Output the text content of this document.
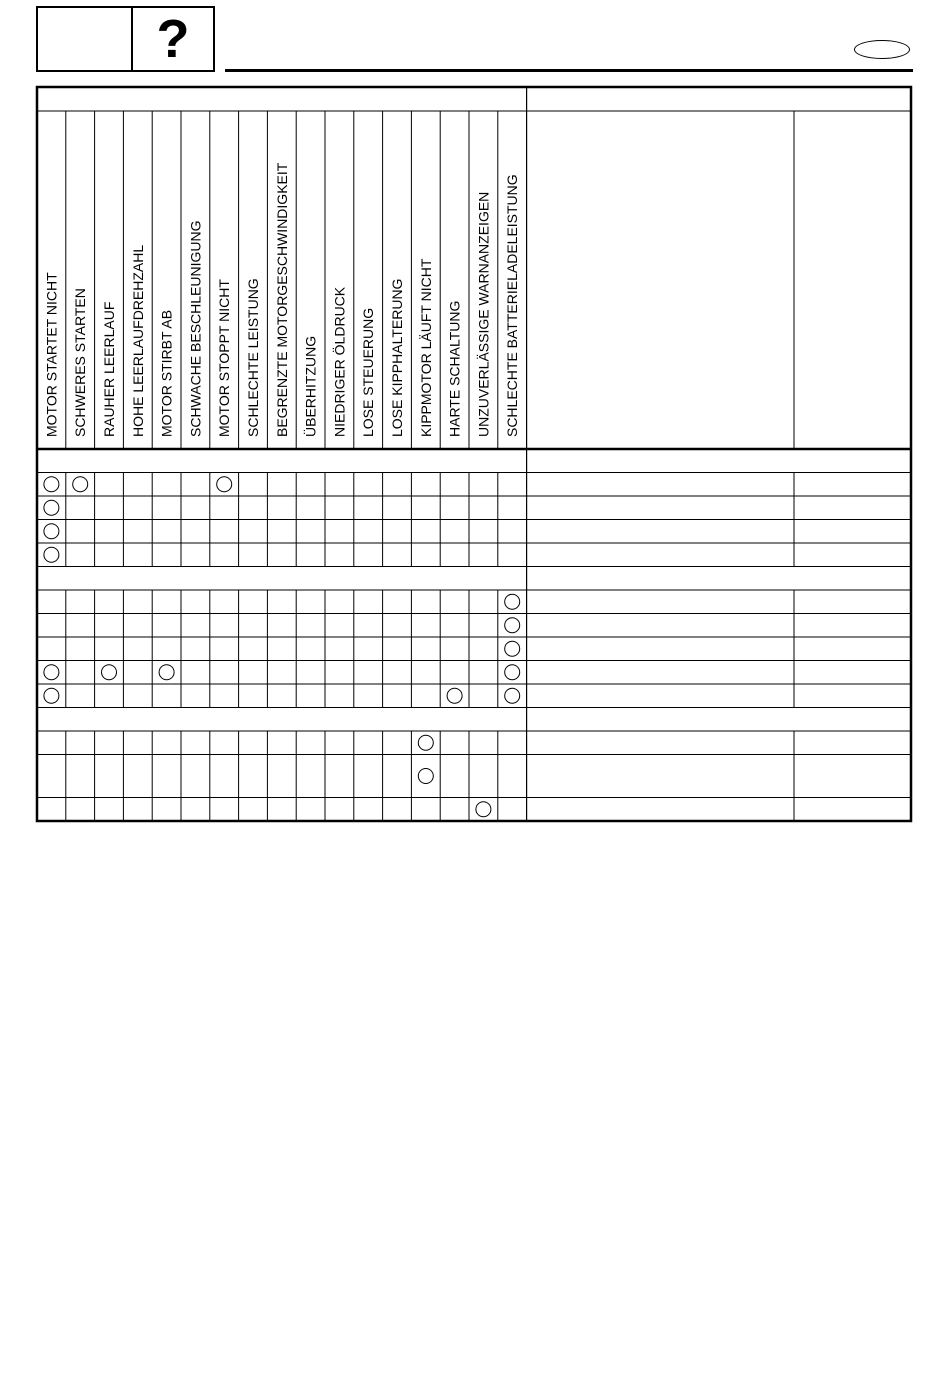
?
MOTOR STARTET NICHT SCHWERES STARTEN RAUHER LEERLAUF HOHE LEERLAUFDREHZAHL MOTOR STIRBT AB SCHWACHE BESCHLEUNIGUNG MOTOR STOPPT NICHT SCHLECHTE LEISTUNG BEGRENZTE MOTORGESCHWINDIGKEIT ÜBERHITZUNG NIEDRIGER ÖLDRUCK LOSE STEUERUNG LOSE KIPPHALTERUNG KIPPMOTOR LÄUFT NICHT HARTE SCHALTUNG UNZUVERLÄSSIGE WARNANZEIGEN SCHLECHTE BATTERIELADELEISTUNG
